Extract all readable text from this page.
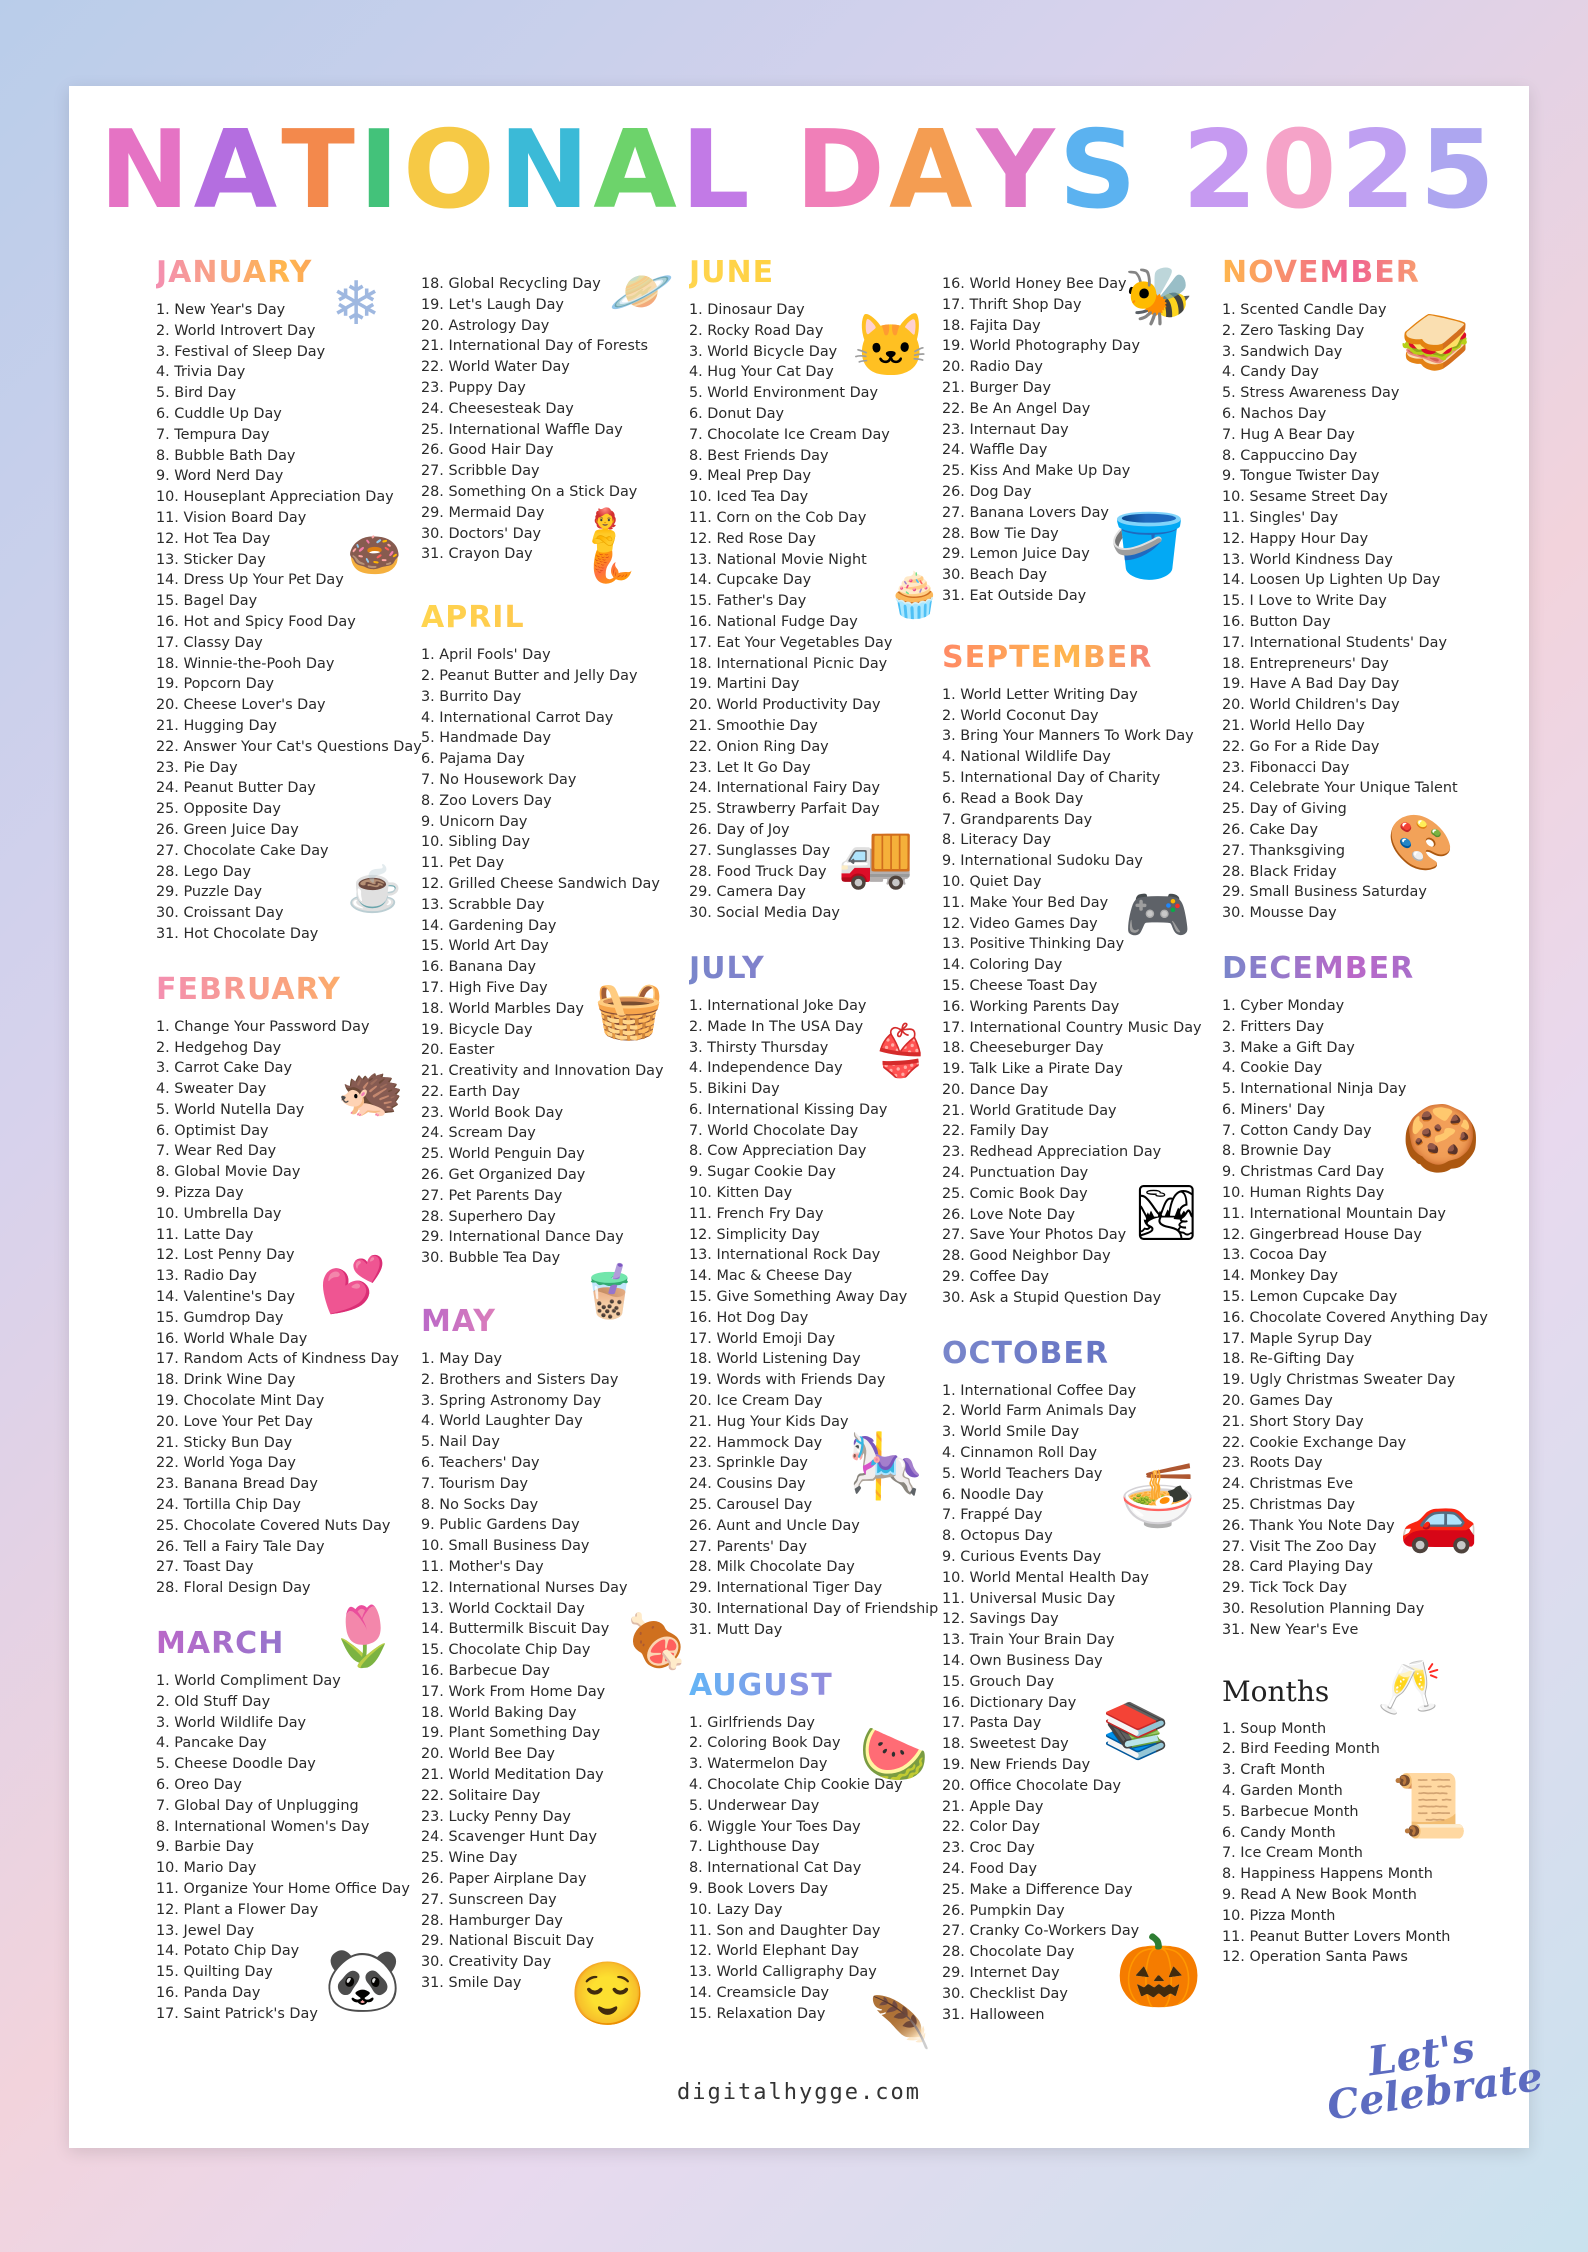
NATIONAL DAYS 2025
JANUARY
1. New Year's Day
2. World Introvert Day
3. Festival of Sleep Day
4. Trivia Day
5. Bird Day
6. Cuddle Up Day
7. Tempura Day
8. Bubble Bath Day
9. Word Nerd Day
10. Houseplant Appreciation Day
11. Vision Board Day
12. Hot Tea Day
13. Sticker Day
14. Dress Up Your Pet Day
15. Bagel Day
16. Hot and Spicy Food Day
17. Classy Day
18. Winnie-the-Pooh Day
19. Popcorn Day
20. Cheese Lover's Day
21. Hugging Day
22. Answer Your Cat's Questions Day
23. Pie Day
24. Peanut Butter Day
25. Opposite Day
26. Green Juice Day
27. Chocolate Cake Day
28. Lego Day
29. Puzzle Day
30. Croissant Day
31. Hot Chocolate Day
FEBRUARY
1. Change Your Password Day
2. Hedgehog Day
3. Carrot Cake Day
4. Sweater Day
5. World Nutella Day
6. Optimist Day
7. Wear Red Day
8. Global Movie Day
9. Pizza Day
10. Umbrella Day
11. Latte Day
12. Lost Penny Day
13. Radio Day
14. Valentine's Day
15. Gumdrop Day
16. World Whale Day
17. Random Acts of Kindness Day
18. Drink Wine Day
19. Chocolate Mint Day
20. Love Your Pet Day
21. Sticky Bun Day
22. World Yoga Day
23. Banana Bread Day
24. Tortilla Chip Day
25. Chocolate Covered Nuts Day
26. Tell a Fairy Tale Day
27. Toast Day
28. Floral Design Day
MARCH
1. World Compliment Day
2. Old Stuff Day
3. World Wildlife Day
4. Pancake Day
5. Cheese Doodle Day
6. Oreo Day
7. Global Day of Unplugging
8. International Women's Day
9. Barbie Day
10. Mario Day
11. Organize Your Home Office Day
12. Plant a Flower Day
13. Jewel Day
14. Potato Chip Day
15. Quilting Day
16. Panda Day
17. Saint Patrick's Day
18. Global Recycling Day
19. Let's Laugh Day
20. Astrology Day
21. International Day of Forests
22. World Water Day
23. Puppy Day
24. Cheesesteak Day
25. International Waffle Day
26. Good Hair Day
27. Scribble Day
28. Something On a Stick Day
29. Mermaid Day
30. Doctors' Day
31. Crayon Day
APRIL
1. April Fools' Day
2. Peanut Butter and Jelly Day
3. Burrito Day
4. International Carrot Day
5. Handmade Day
6. Pajama Day
7. No Housework Day
8. Zoo Lovers Day
9. Unicorn Day
10. Sibling Day
11. Pet Day
12. Grilled Cheese Sandwich Day
13. Scrabble Day
14. Gardening Day
15. World Art Day
16. Banana Day
17. High Five Day
18. World Marbles Day
19. Bicycle Day
20. Easter
21. Creativity and Innovation Day
22. Earth Day
23. World Book Day
24. Scream Day
25. World Penguin Day
26. Get Organized Day
27. Pet Parents Day
28. Superhero Day
29. International Dance Day
30. Bubble Tea Day
MAY
1. May Day
2. Brothers and Sisters Day
3. Spring Astronomy Day
4. World Laughter Day
5. Nail Day
6. Teachers' Day
7. Tourism Day
8. No Socks Day
9. Public Gardens Day
10. Small Business Day
11. Mother's Day
12. International Nurses Day
13. World Cocktail Day
14. Buttermilk Biscuit Day
15. Chocolate Chip Day
16. Barbecue Day
17. Work From Home Day
18. World Baking Day
19. Plant Something Day
20. World Bee Day
21. World Meditation Day
22. Solitaire Day
23. Lucky Penny Day
24. Scavenger Hunt Day
25. Wine Day
26. Paper Airplane Day
27. Sunscreen Day
28. Hamburger Day
29. National Biscuit Day
30. Creativity Day
31. Smile Day
JUNE
1. Dinosaur Day
2. Rocky Road Day
3. World Bicycle Day
4. Hug Your Cat Day
5. World Environment Day
6. Donut Day
7. Chocolate Ice Cream Day
8. Best Friends Day
9. Meal Prep Day
10. Iced Tea Day
11. Corn on the Cob Day
12. Red Rose Day
13. National Movie Night
14. Cupcake Day
15. Father's Day
16. National Fudge Day
17. Eat Your Vegetables Day
18. International Picnic Day
19. Martini Day
20. World Productivity Day
21. Smoothie Day
22. Onion Ring Day
23. Let It Go Day
24. International Fairy Day
25. Strawberry Parfait Day
26. Day of Joy
27. Sunglasses Day
28. Food Truck Day
29. Camera Day
30. Social Media Day
JULY
1. International Joke Day
2. Made In The USA Day
3. Thirsty Thursday
4. Independence Day
5. Bikini Day
6. International Kissing Day
7. World Chocolate Day
8. Cow Appreciation Day
9. Sugar Cookie Day
10. Kitten Day
11. French Fry Day
12. Simplicity Day
13. International Rock Day
14. Mac & Cheese Day
15. Give Something Away Day
16. Hot Dog Day
17. World Emoji Day
18. World Listening Day
19. Words with Friends Day
20. Ice Cream Day
21. Hug Your Kids Day
22. Hammock Day
23. Sprinkle Day
24. Cousins Day
25. Carousel Day
26. Aunt and Uncle Day
27. Parents' Day
28. Milk Chocolate Day
29. International Tiger Day
30. International Day of Friendship
31. Mutt Day
AUGUST
1. Girlfriends Day
2. Coloring Book Day
3. Watermelon Day
4. Chocolate Chip Cookie Day
5. Underwear Day
6. Wiggle Your Toes Day
7. Lighthouse Day
8. International Cat Day
9. Book Lovers Day
10. Lazy Day
11. Son and Daughter Day
12. World Elephant Day
13. World Calligraphy Day
14. Creamsicle Day
15. Relaxation Day
16. World Honey Bee Day
17. Thrift Shop Day
18. Fajita Day
19. World Photography Day
20. Radio Day
21. Burger Day
22. Be An Angel Day
23. Internaut Day
24. Waffle Day
25. Kiss And Make Up Day
26. Dog Day
27. Banana Lovers Day
28. Bow Tie Day
29. Lemon Juice Day
30. Beach Day
31. Eat Outside Day
SEPTEMBER
1. World Letter Writing Day
2. World Coconut Day
3. Bring Your Manners To Work Day
4. National Wildlife Day
5. International Day of Charity
6. Read a Book Day
7. Grandparents Day
8. Literacy Day
9. International Sudoku Day
10. Quiet Day
11. Make Your Bed Day
12. Video Games Day
13. Positive Thinking Day
14. Coloring Day
15. Cheese Toast Day
16. Working Parents Day
17. International Country Music Day
18. Cheeseburger Day
19. Talk Like a Pirate Day
20. Dance Day
21. World Gratitude Day
22. Family Day
23. Redhead Appreciation Day
24. Punctuation Day
25. Comic Book Day
26. Love Note Day
27. Save Your Photos Day
28. Good Neighbor Day
29. Coffee Day
30. Ask a Stupid Question Day
OCTOBER
1. International Coffee Day
2. World Farm Animals Day
3. World Smile Day
4. Cinnamon Roll Day
5. World Teachers Day
6. Noodle Day
7. Frappé Day
8. Octopus Day
9. Curious Events Day
10. World Mental Health Day
11. Universal Music Day
12. Savings Day
13. Train Your Brain Day
14. Own Business Day
15. Grouch Day
16. Dictionary Day
17. Pasta Day
18. Sweetest Day
19. New Friends Day
20. Office Chocolate Day
21. Apple Day
22. Color Day
23. Croc Day
24. Food Day
25. Make a Difference Day
26. Pumpkin Day
27. Cranky Co-Workers Day
28. Chocolate Day
29. Internet Day
30. Checklist Day
31. Halloween
NOVEMBER
1. Scented Candle Day
2. Zero Tasking Day
3. Sandwich Day
4. Candy Day
5. Stress Awareness Day
6. Nachos Day
7. Hug A Bear Day
8. Cappuccino Day
9. Tongue Twister Day
10. Sesame Street Day
11. Singles' Day
12. Happy Hour Day
13. World Kindness Day
14. Loosen Up Lighten Up Day
15. I Love to Write Day
16. Button Day
17. International Students' Day
18. Entrepreneurs' Day
19. Have A Bad Day Day
20. World Children's Day
21. World Hello Day
22. Go For a Ride Day
23. Fibonacci Day
24. Celebrate Your Unique Talent
25. Day of Giving
26. Cake Day
27. Thanksgiving
28. Black Friday
29. Small Business Saturday
30. Mousse Day
DECEMBER
1. Cyber Monday
2. Fritters Day
3. Make a Gift Day
4. Cookie Day
5. International Ninja Day
6. Miners' Day
7. Cotton Candy Day
8. Brownie Day
9. Christmas Card Day
10. Human Rights Day
11. International Mountain Day
12. Gingerbread House Day
13. Cocoa Day
14. Monkey Day
15. Lemon Cupcake Day
16. Chocolate Covered Anything Day
17. Maple Syrup Day
18. Re-Gifting Day
19. Ugly Christmas Sweater Day
20. Games Day
21. Short Story Day
22. Cookie Exchange Day
23. Roots Day
24. Christmas Eve
25. Christmas Day
26. Thank You Note Day
27. Visit The Zoo Day
28. Card Playing Day
29. Tick Tock Day
30. Resolution Planning Day
31. New Year's Eve
Months
1. Soup Month
2. Bird Feeding Month
3. Craft Month
4. Garden Month
5. Barbecue Month
6. Candy Month
7. Ice Cream Month
8. Happiness Happens Month
9. Read A New Book Month
10. Pizza Month
11. Peanut Butter Lovers Month
12. Operation Santa Paws
❄
🍩
☕
🦔
💕
🌷
🐼
🪐
🧜
🧺
🧋
🍖
😌
🐱
🧁
🚚
👙
🎠
🍉
🪶
🐝
🪣
🎮
🏞
🍜
📚
🎃
🥪
🎨
🍪
🚗
🥂
📜
digitalhygge.com
Let's Celebrate
